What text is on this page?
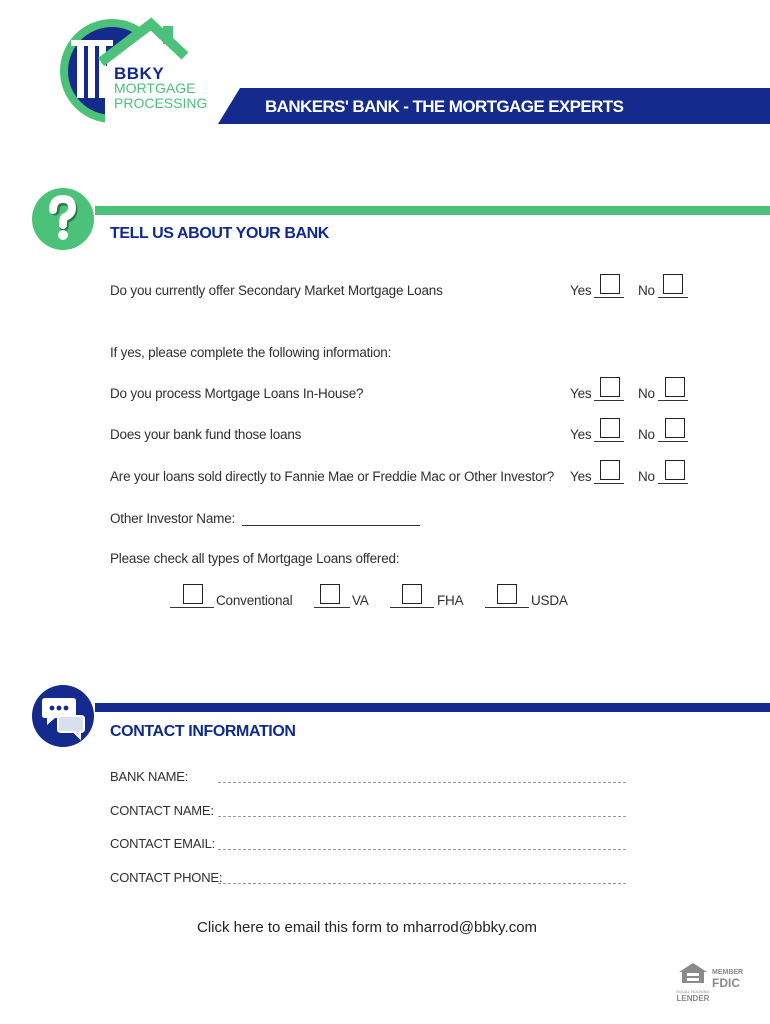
BBKY
MORTGAGE
PROCESSING	BANKERS' BANK - THE MORTGAGE EXPERTS
TELL US ABOUT YOUR BANK
Do you currently offer Secondary Market Mortgage Loans	Yes	No
If yes, please complete the following information:
Do you process Mortgage Loans In-House?	Yes	No
Does your bank fund those loans	Yes	No
Are your loans sold directly to Fannie Mae or Freddie Mac or Other Investor? Yes	No
Other Investor Name:
Please check all types of Mortgage Loans offered:
Conventional	VA	FHA	USDA
CONTACT INFORMATION
BANK NAME:
CONTACT NAME:
CONTACT EMAIL:
CONTACT PHONE:
Click here to email this form to mharrod@bbky.com
EQUAL HOUSING
LENDER
MEMBER
FDIC
